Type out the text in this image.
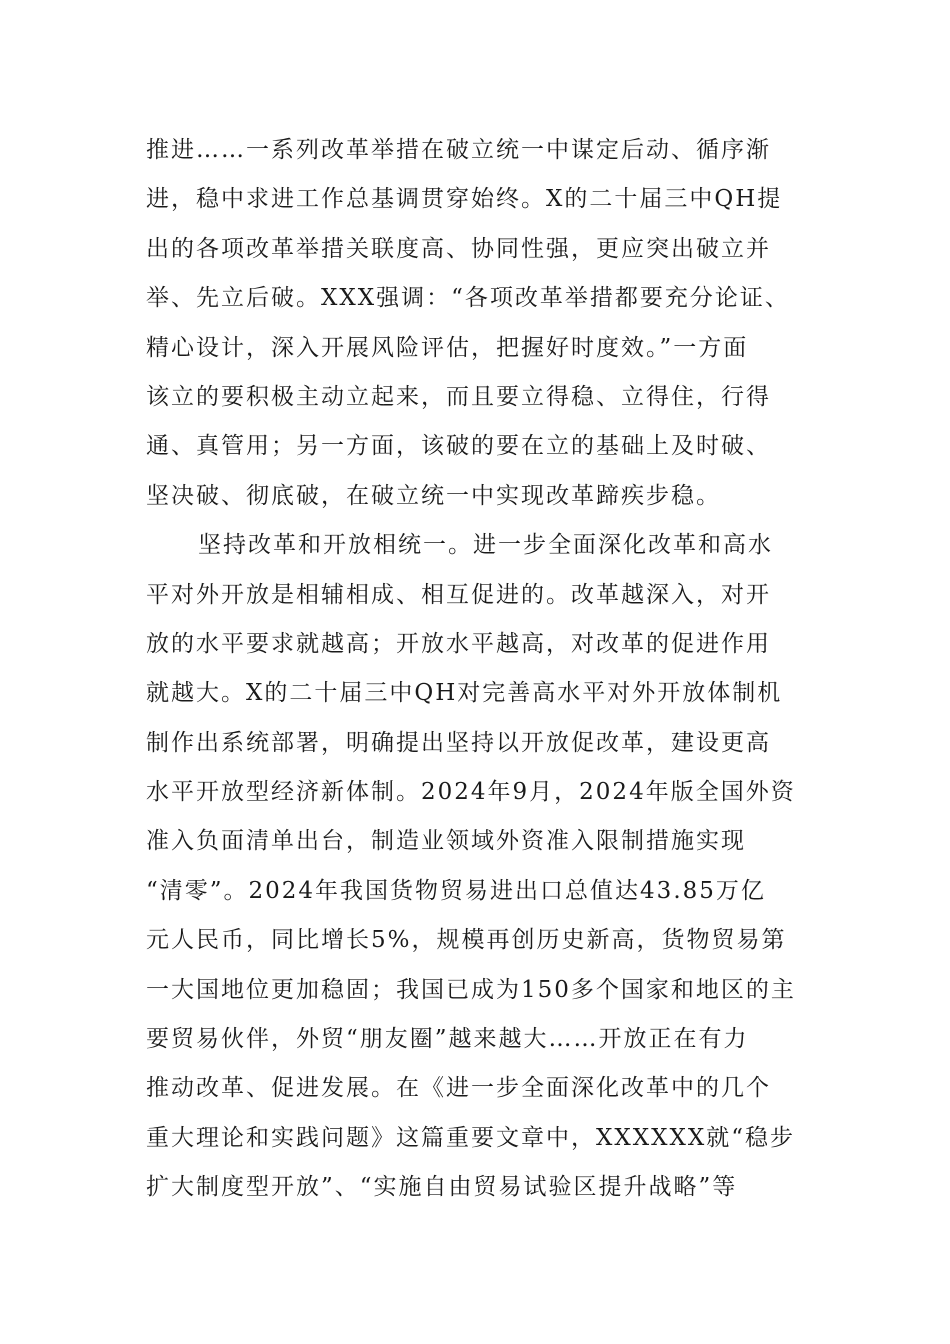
推进……一系列改革举措在破立统一中谋定后动、循序渐
进，稳中求进工作总基调贯穿始终。X的二十届三中QH提
出的各项改革举措关联度高、协同性强，更应突出破立并
举、先立后破。XXX强调：“各项改革举措都要充分论证、
精心设计，深入开展风险评估，把握好时度效。”一方面
该立的要积极主动立起来，而且要立得稳、立得住，行得
通、真管用；另一方面，该破的要在立的基础上及时破、
坚决破、彻底破，在破立统一中实现改革蹄疾步稳。
坚持改革和开放相统一。进一步全面深化改革和高水
平对外开放是相辅相成、相互促进的。改革越深入，对开
放的水平要求就越高；开放水平越高，对改革的促进作用
就越大。X的二十届三中QH对完善高水平对外开放体制机
制作出系统部署，明确提出坚持以开放促改革，建设更高
水平开放型经济新体制。2024年9月，2024年版全国外资
准入负面清单出台，制造业领域外资准入限制措施实现
“清零”。2024年我国货物贸易进出口总值达43.85万亿
元人民币，同比增长5%，规模再创历史新高，货物贸易第
一大国地位更加稳固；我国已成为150多个国家和地区的主
要贸易伙伴，外贸“朋友圈”越来越大……开放正在有力
推动改革、促进发展。在《进一步全面深化改革中的几个
重大理论和实践问题》这篇重要文章中，XXXXXX就“稳步
扩大制度型开放”、“实施自由贸易试验区提升战略”等
